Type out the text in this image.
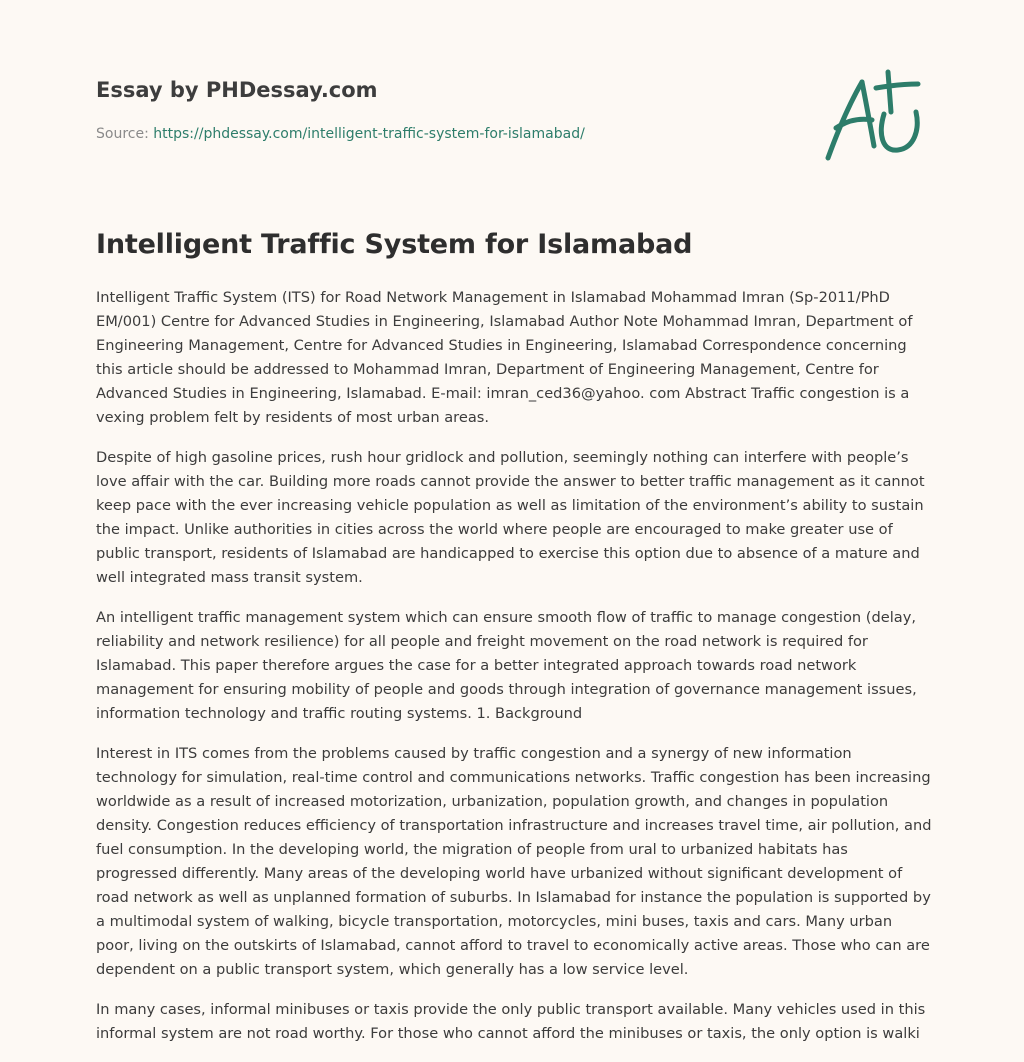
Essay by PHDessay.com
Source: https://phdessay.com/intelligent-traffic-system-for-islamabad/
Intelligent Traffic System for Islamabad

Intelligent Traffic System (ITS) for Road Network Management in Islamabad Mohammad Imran (Sp-2011/PhD EM/001) Centre for Advanced Studies in Engineering, Islamabad Author Note Mohammad Imran, Department of Engineering Management, Centre for Advanced Studies in Engineering, Islamabad Correspondence concerning this article should be addressed to Mohammad Imran, Department of Engineering Management, Centre for Advanced Studies in Engineering, Islamabad. E-mail: imran_ced36@yahoo. com Abstract Traffic congestion is a vexing problem felt by residents of most urban areas.

Despite of high gasoline prices, rush hour gridlock and pollution, seemingly nothing can interfere with people’s love affair with the car. Building more roads cannot provide the answer to better traffic management as it cannot keep pace with the ever increasing vehicle population as well as limitation of the environment’s ability to sustain the impact. Unlike authorities in cities across the world where people are encouraged to make greater use of public transport, residents of Islamabad are handicapped to exercise this option due to absence of a mature and well integrated mass transit system.

An intelligent traffic management system which can ensure smooth flow of traffic to manage congestion (delay, reliability and network resilience) for all people and freight movement on the road network is required for Islamabad. This paper therefore argues the case for a better integrated approach towards road network management for ensuring mobility of people and goods through integration of governance management issues, information technology and traffic routing systems. 1. Background

Interest in ITS comes from the problems caused by traffic congestion and a synergy of new information technology for simulation, real-time control and communications networks. Traffic congestion has been increasing worldwide as a result of increased motorization, urbanization, population growth, and changes in population density. Congestion reduces efficiency of transportation infrastructure and increases travel time, air pollution, and fuel consumption. In the developing world, the migration of people from ural to urbanized habitats has progressed differently. Many areas of the developing world have urbanized without significant development of road network as well as unplanned formation of suburbs. In Islamabad for instance the population is supported by a multimodal system of walking, bicycle transportation, motorcycles, mini buses, taxis and cars. Many urban poor, living on the outskirts of Islamabad, cannot afford to travel to economically active areas. Those who can are dependent on a public transport system, which generally has a low service level.

In many cases, informal minibuses or taxis provide the only public transport available. Many vehicles used in this informal system are not road worthy. For those who cannot afford the minibuses or taxis, the only option is walki
